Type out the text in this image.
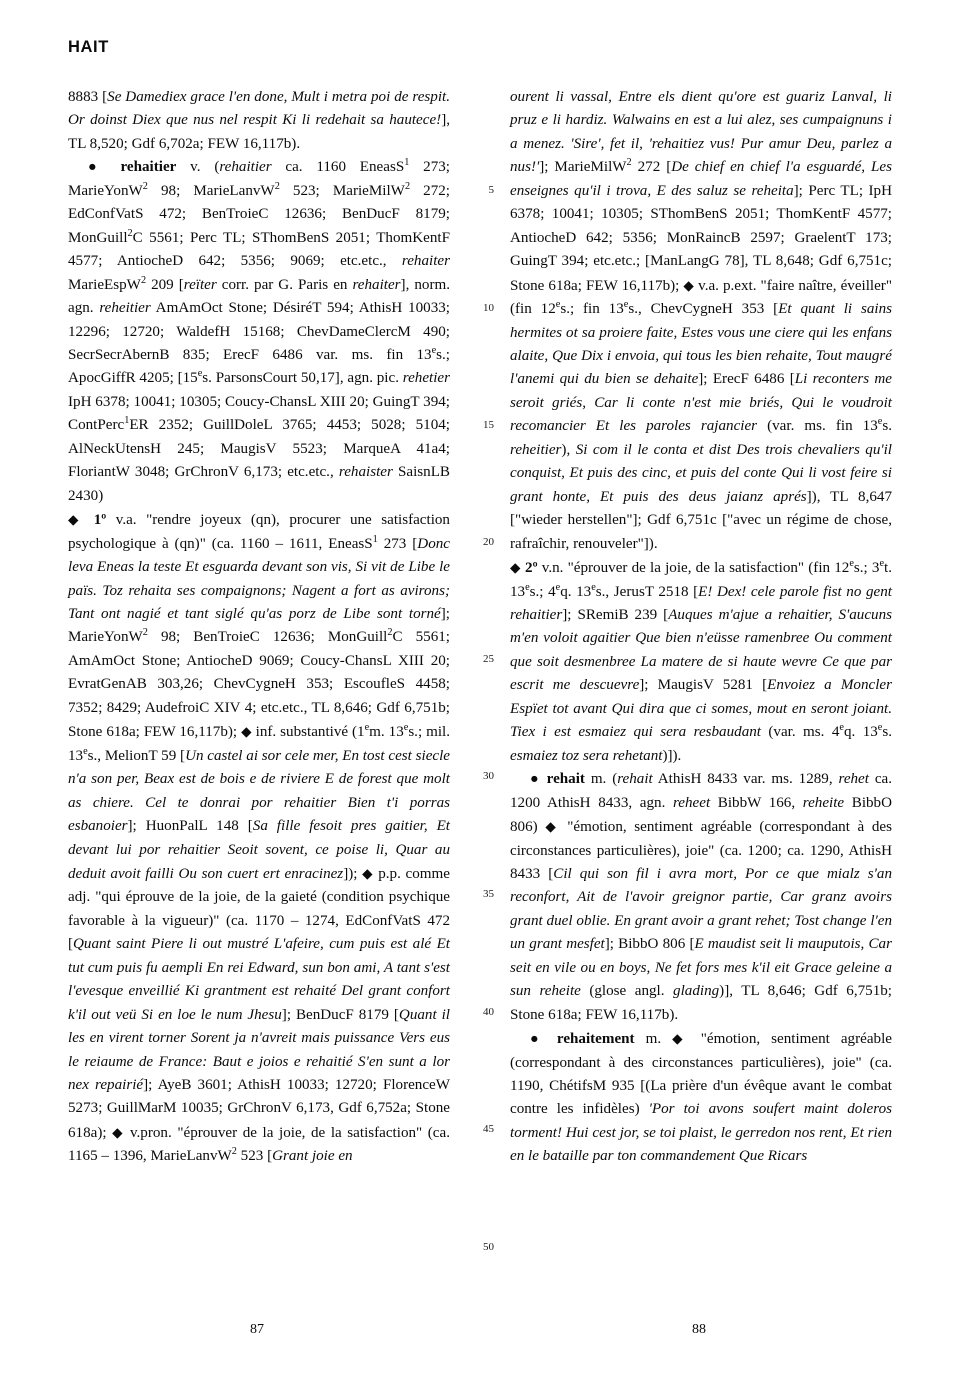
HAIT
5
10
15
20
25
30
35
40
45
50

8883 [Se Damediex grace l'en done, Mult i metra poi de respit. Or doinst Diex que nus nel respit Ki li redehait sa hautece!], TL 8,520; Gdf 6,702a; FEW 16,117b).

● rehaitier v. (rehaitier ca. 1160 EneasS$^1$ 273; MarieYonW$^2$ 98; MarieLanvW$^2$ 523; MarieMilW$^2$ 272; EdConfVatS 472; BenTroieC 12636; BenDucF 8179; MonGuill$^2$C 5561; Perc TL; SThomBenS 2051; ThomKentF 4577; AntiocheD 642; 5356; 9069; etc.etc., rehaiter MarieEspW$^2$ 209 [reïter corr. par G. Paris en rehaiter], norm. agn. reheitier AmAmOct Stone; DésiréT 594; AthisH 10033; 12296; 12720; WaldefH 15168; ChevDameClercM 490; SecrSecrAbernB 835; ErecF 6486 var. ms. fin 13es.; ApocGiffR 4205; [15es. ParsonsCourt 50,17], agn. pic. rehetier IpH 6378; 10041; 10305; Coucy-ChansL XIII 20; GuingT 394; ContPerc$^1$ER 2352; GuillDoleL 3765; 4453; 5028; 5104; AlNeckUtensH 245; MaugisV 5523; MarqueA 41a4; FloriantW 3048; GrChronV 6,173; etc.etc., rehaister SaisnLB 2430)

◆ 1º v.a. "rendre joyeux (qn), procurer une satisfaction psychologique à (qn)" (ca. 1160 – 1611, EneasS$^1$ 273 [Donc leva Eneas la teste Et esguarda devant son vis, Si vit de Libe le païs. Toz rehaita ses compaignons; Nagent a fort as avirons; Tant ont nagié et tant siglé qu'as porz de Libe sont torné]; MarieYonW$^2$ 98; BenTroieC 12636; MonGuill$^2$C 5561; AmAmOct Stone; AntiocheD 9069; Coucy-ChansL XIII 20; EvratGenAB 303,26; ChevCygneH 353; EscoufleS 4458; 7352; 8429; AudefroiC XIV 4; etc.etc., TL 8,646; Gdf 6,751b; Stone 618a; FEW 16,117b); ◆ inf. substantivé (1em. 13es.; mil. 13es., MelionT 59 [Un castel ai sor cele mer, En tost cest siecle n'a son per, Beax est de bois e de riviere E de forest que molt as chiere. Cel te donrai por rehaitier Bien t'i porras esbanoier]; HuonPalL 148 [Sa fille fesoit pres gaitier, Et devant lui por rehaitier Seoit sovent, ce poise li, Quar au deduit avoit failli Ou son cuert ert enracinez]); ◆ p.p. comme adj. "qui éprouve de la joie, de la gaieté (condition psychique favorable à la vigueur)" (ca. 1170 – 1274, EdConfVatS 472 [Quant saint Piere li out mustré L'afeire, cum puis est alé Et tut cum puis fu aempli En rei Edward, sun bon ami, A tant s'est l'evesque enveillié Ki grantment est rehaité Del grant confort k'il out veü Si en loe le num Jhesu]; BenDucF 8179 [Quant il les en virent torner Sorent ja n'avreit mais puissance Vers eus le reiaume de France: Baut e joios e rehaitié S'en sunt a lor nex repairié]; AyeB 3601; AthisH 10033; 12720; FlorenceW 5273; GuillMarM 10035; GrChronV 6,173, Gdf 6,752a; Stone 618a); ◆ v.pron. "éprouver de la joie, de la satisfaction" (ca. 1165 – 1396, MarieLanvW$^2$ 523 [Grant joie en

ourent li vassal, Entre els dient qu'ore est guariz Lanval, li pruz e li hardiz. Walwains en est a lui alez, ses cumpaignuns i a menez. 'Sire', fet il, 'rehaitiez vus! Pur amur Deu, parlez a nus!']; MarieMilW$^2$ 272 [De chief en chief l'a esguardé, Les enseignes qu'il i trova, E des saluz se reheita]; Perc TL; IpH 6378; 10041; 10305; SThomBenS 2051; ThomKentF 4577; AntiocheD 642; 5356; MonRaincB 2597; GraelentT 173; GuingT 394; etc.etc.; [ManLangG 78], TL 8,648; Gdf 6,751c; Stone 618a; FEW 16,117b); ◆ v.a. p.ext. "faire naître, éveiller" (fin 12es.; fin 13es., ChevCygneH 353 [Et quant li sains hermites ot sa proiere faite, Estes vous une ciere qui les enfans alaite, Que Dix i envoia, qui tous les bien rehaite, Tout maugré l'anemi qui du bien se dehaite]; ErecF 6486 [Li reconters me seroit griés, Car li conte n'est mie briés, Qui le voudroit recomancier Et les paroles rajancier (var. ms. fin 13es. reheitier), Si com il le conta et dist Des trois chevaliers qu'il conquist, Et puis des cinc, et puis del conte Qui li vost feire si grant honte, Et puis des deus jaianz aprés]), TL 8,647 ["wieder herstellen"]; Gdf 6,751c ["avec un régime de chose, rafraîchir, renouveler"]).

◆ 2º v.n. "éprouver de la joie, de la satisfaction" (fin 12es.; 3et. 13es.; 4eq. 13es., JerusT 2518 [E! Dex! cele parole fist no gent rehaitier]; SRemiB 239 [Auques m'ajue a rehaitier, S'aucuns m'en voloit agaitier Que bien n'eüsse ramenbree Ou comment que soit desmenbree La matere de si haute wevre Ce que par escrit me descuevre]; MaugisV 5281 [Envoiez a Moncler Espïet tot avant Qui dira que ci somes, mout en seront joiant. Tiex i est esmaiez qui sera resbaudant (var. ms. 4eq. 13es. esmaiez toz sera rehetant)]).

● rehait m. (rehait AthisH 8433 var. ms. 1289, rehet ca. 1200 AthisH 8433, agn. reheet BibbW 166, reheite BibbO 806) ◆ "émotion, sentiment agréable (correspondant à des circonstances particulières), joie" (ca. 1200; ca. 1290, AthisH 8433 [Cil qui son fil i avra mort, Por ce que mialz s'an reconfort, Ait de l'avoir greignor partie, Car granz avoirs grant duel oblie. En grant avoir a grant rehet; Tost change l'en un grant mesfet]; BibbO 806 [E maudist seit li mauputois, Car seit en vile ou en boys, Ne fet fors mes k'il eit Grace geleine a sun reheite (glose angl. glading)], TL 8,646; Gdf 6,751b; Stone 618a; FEW 16,117b).

● rehaitement m. ◆ "émotion, sentiment agréable (correspondant à des circonstances particulières), joie" (ca. 1190, ChétifsM 935 [(La prière d'un évêque avant le combat contre les infidèles) 'Por toi avons soufert maint doleros torment! Hui cest jor, se toi plaist, le gerredon nos rent, Et rien en le bataille par ton commandement Que Ricars

87	88
